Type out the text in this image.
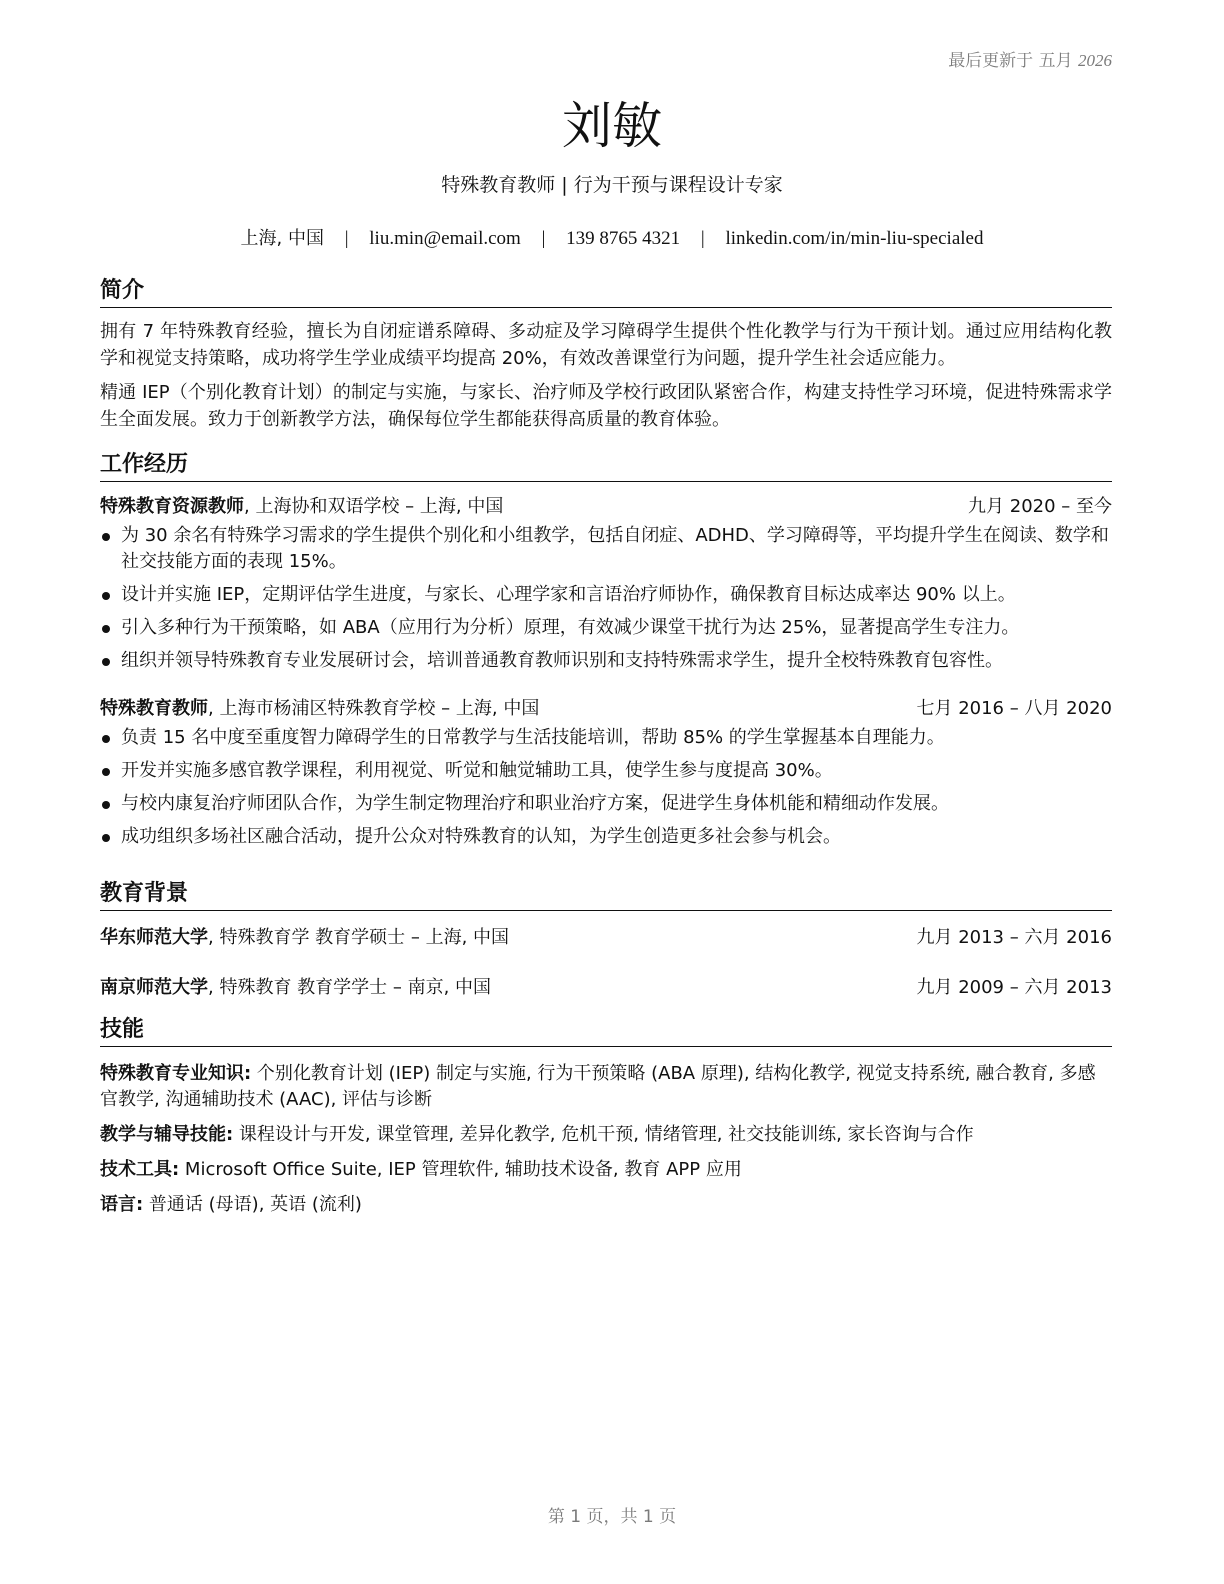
最后更新于 五月 2026
刘敏
特殊教育教师 | 行为干预与课程设计专家
上海, 中国 | liu.min@email.com | 139 8765 4321 | linkedin.com/in/min-liu-specialed
简介

拥有 7 年特殊教育经验，擅长为自闭症谱系障碍、多动症及学习障碍学生提供个性化教学与行为干预计划。通过应用结构化教学和视觉支持策略，成功将学生学业成绩平均提高 20%，有效改善课堂行为问题，提升学生社会适应能力。

精通 IEP（个别化教育计划）的制定与实施，与家长、治疗师及学校行政团队紧密合作，构建支持性学习环境，促进特殊需求学生全面发展。致力于创新教学方法，确保每位学生都能获得高质量的教育体验。

工作经历
特殊教育资源教师, 上海协和双语学校 – 上海, 中国	九月 2020 – 至今
为 30 余名有特殊学习需求的学生提供个别化和小组教学，包括自闭症、ADHD、学习障碍等，平均提升学生在阅读、数学和社交技能方面的表现 15%。
设计并实施 IEP，定期评估学生进度，与家长、心理学家和言语治疗师协作，确保教育目标达成率达 90% 以上。
引入多种行为干预策略，如 ABA（应用行为分析）原理，有效减少课堂干扰行为达 25%，显著提高学生专注力。
组织并领导特殊教育专业发展研讨会，培训普通教育教师识别和支持特殊需求学生，提升全校特殊教育包容性。
特殊教育教师, 上海市杨浦区特殊教育学校 – 上海, 中国	七月 2016 – 八月 2020
负责 15 名中度至重度智力障碍学生的日常教学与生活技能培训，帮助 85% 的学生掌握基本自理能力。
开发并实施多感官教学课程，利用视觉、听觉和触觉辅助工具，使学生参与度提高 30%。
与校内康复治疗师团队合作，为学生制定物理治疗和职业治疗方案，促进学生身体机能和精细动作发展。
成功组织多场社区融合活动，提升公众对特殊教育的认知，为学生创造更多社会参与机会。
教育背景
华东师范大学, 特殊教育学 教育学硕士 – 上海, 中国	九月 2013 – 六月 2016
南京师范大学, 特殊教育 教育学学士 – 南京, 中国	九月 2009 – 六月 2013
技能
特殊教育专业知识: 个别化教育计划 (IEP) 制定与实施, 行为干预策略 (ABA 原理), 结构化教学, 视觉支持系统, 融合教育, 多感官教学, 沟通辅助技术 (AAC), 评估与诊断
教学与辅导技能: 课程设计与开发, 课堂管理, 差异化教学, 危机干预, 情绪管理, 社交技能训练, 家长咨询与合作
技术工具: Microsoft Office Suite, IEP 管理软件, 辅助技术设备, 教育 APP 应用
语言: 普通话 (母语), 英语 (流利)
第 1 页，共 1 页
